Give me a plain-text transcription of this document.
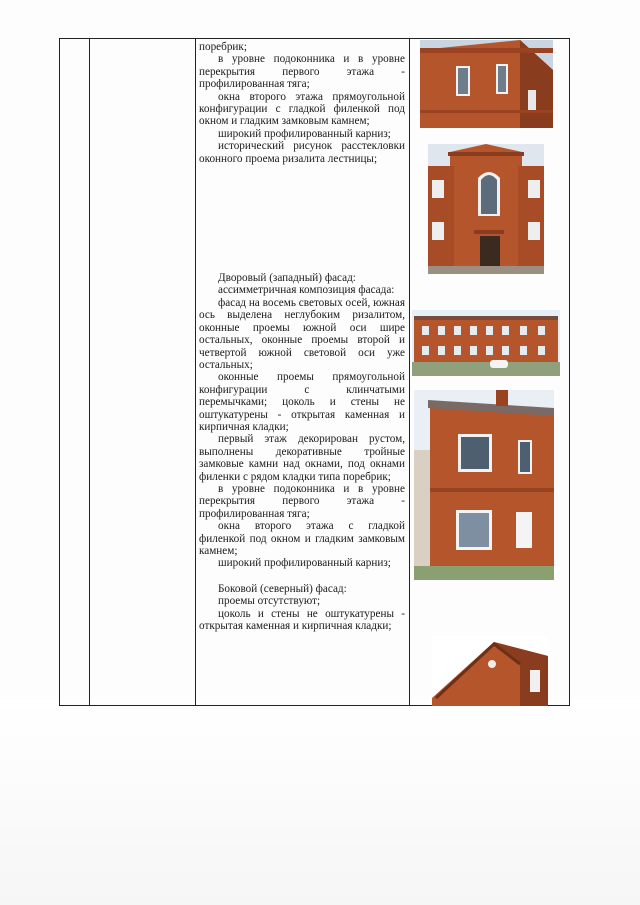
поребрик;

в уровне подоконника и в уровне перекрытия первого этажа - профилированная тяга;

окна второго этажа прямоугольной конфигурации с гладкой филенкой под окном и гладким замковым камнем;

широкий профилированный карниз;

исторический рисунок расстекловки оконного проема ризалита лестницы;

Дворовый (западный) фасад:

ассимметричная композиция фасада:

фасад на восемь световых осей, южная ось выделена неглубоким ризалитом, оконные проемы южной оси шире остальных, оконные проемы второй и четвертой южной световой оси уже остальных;

оконные проемы прямоугольной конфигурации с клинчатыми перемычками; цоколь и стены не оштукатурены - открытая каменная и кирпичная кладки;

первый этаж декорирован рустом, выполнены декоративные тройные замковые камни над окнами, под окнами филенки с рядом кладки типа поребрик;

в уровне подоконника и в уровне перекрытия первого этажа - профилированная тяга;

окна второго этажа с гладкой филенкой под окном и гладким замковым камнем;

широкий профилированный карниз;

Боковой (северный) фасад:

проемы отсутствуют;

цоколь и стены не оштукатурены - открытая каменная и кирпичная кладки;
